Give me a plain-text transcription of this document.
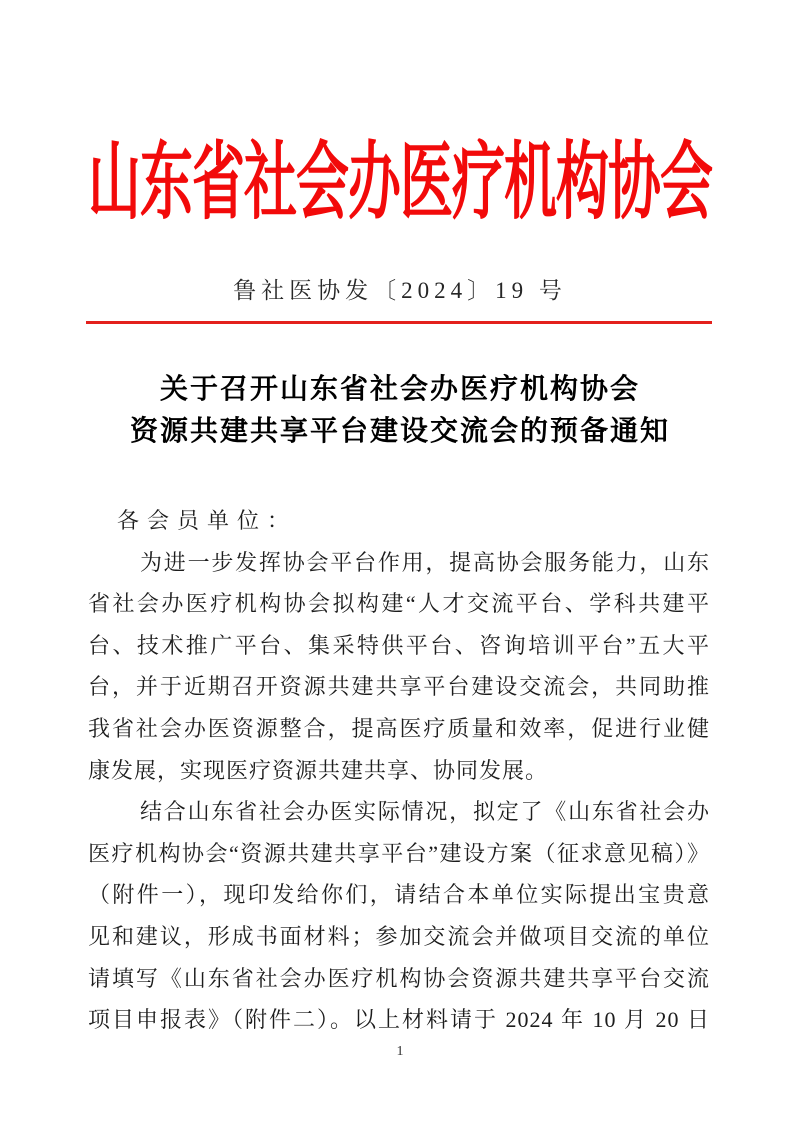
山东省社会办医疗机构协会
鲁社医协发〔2024〕19 号
关于召开山东省社会办医疗机构协会
资源共建共享平台建设交流会的预备通知
各会员单位：
为进一步发挥协会平台作用，提高协会服务能力，山东
省社会办医疗机构协会拟构建“人才交流平台、学科共建平
台、技术推广平台、集采特供平台、咨询培训平台”五大平
台，并于近期召开资源共建共享平台建设交流会，共同助推
我省社会办医资源整合，提高医疗质量和效率，促进行业健
康发展，实现医疗资源共建共享、协同发展。
结合山东省社会办医实际情况，拟定了《山东省社会办
医疗机构协会“资源共建共享平台”建设方案（征求意见稿）》
（附件一），现印发给你们，请结合本单位实际提出宝贵意
见和建议，形成书面材料；参加交流会并做项目交流的单位
请填写《山东省社会办医疗机构协会资源共建共享平台交流
项目申报表》（附件二）。以上材料请于 2024 年 10 月 20 日
1
